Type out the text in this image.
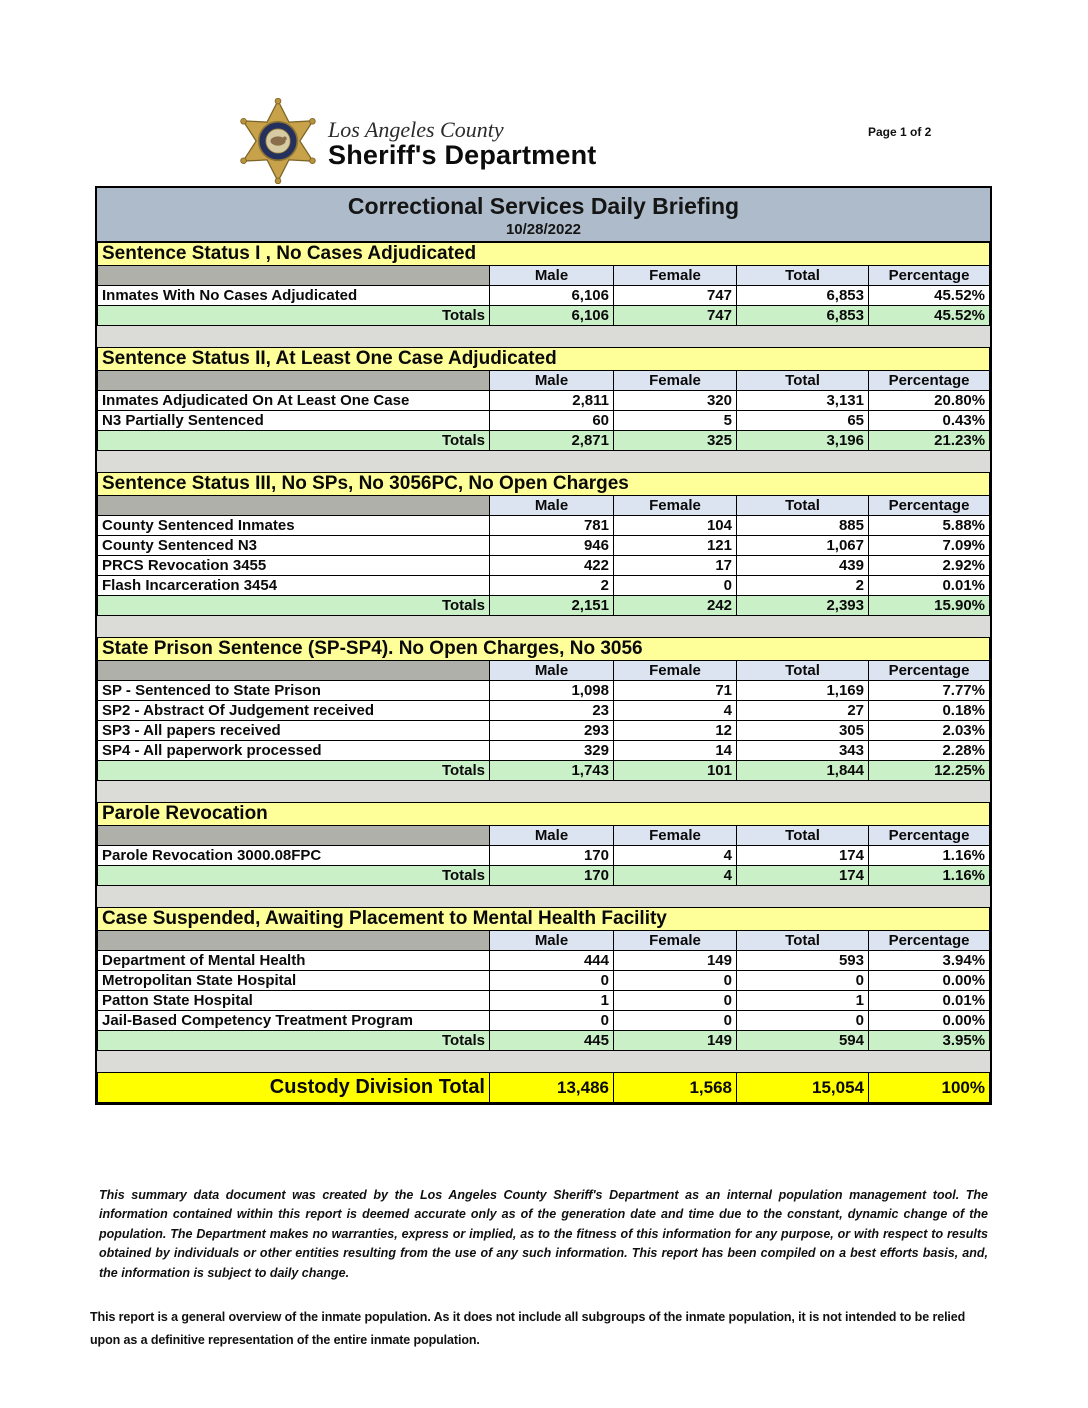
Los Angeles County
Sheriff's Department
Page 1 of 2
Correctional Services Daily Briefing
10/28/2022
Sentence Status I , No Cases Adjudicated				
	Male	Female	Total	Percentage
Inmates With No Cases Adjudicated	6,106	747	6,853	45.52%
Totals	6,106	747	6,853	45.52%
Sentence Status II, At Least One Case Adjudicated				
	Male	Female	Total	Percentage
Inmates Adjudicated On At Least One Case	2,811	320	3,131	20.80%
N3 Partially Sentenced	60	5	65	0.43%
Totals	2,871	325	3,196	21.23%
Sentence Status III, No SPs, No 3056PC, No Open Charges				
	Male	Female	Total	Percentage
County Sentenced Inmates	781	104	885	5.88%
County Sentenced N3	946	121	1,067	7.09%
PRCS Revocation 3455	422	17	439	2.92%
Flash Incarceration 3454	2	0	2	0.01%
Totals	2,151	242	2,393	15.90%
State Prison Sentence (SP-SP4). No Open Charges, No 3056				
	Male	Female	Total	Percentage
SP - Sentenced to State Prison	1,098	71	1,169	7.77%
SP2 - Abstract Of Judgement received	23	4	27	0.18%
SP3 - All papers received	293	12	305	2.03%
SP4 - All paperwork processed	329	14	343	2.28%
Totals	1,743	101	1,844	12.25%
Parole Revocation				
	Male	Female	Total	Percentage
Parole Revocation 3000.08FPC	170	4	174	1.16%
Totals	170	4	174	1.16%
Case Suspended, Awaiting Placement to Mental Health Facility				
	Male	Female	Total	Percentage
Department of Mental Health	444	149	593	3.94%
Metropolitan State Hospital	0	0	0	0.00%
Patton State Hospital	1	0	1	0.01%
Jail-Based Competency Treatment Program	0	0	0	0.00%
Totals	445	149	594	3.95%
Custody Division Total	13,486	1,568	15,054	100%
This summary data document was created by the Los Angeles County Sheriff's Department as an internal population management tool. The information contained within this report is deemed accurate only as of the generation date and time due to the constant, dynamic change of the population. The Department makes no warranties, express or implied, as to the fitness of this information for any purpose, or with respect to results obtained by individuals or other entities resulting from the use of any such information. This report has been compiled on a best efforts basis, and, the information is subject to daily change.
This report is a general overview of the inmate population. As it does not include all subgroups of the inmate population, it is not intended to be relied upon as a definitive representation of the entire inmate population.
